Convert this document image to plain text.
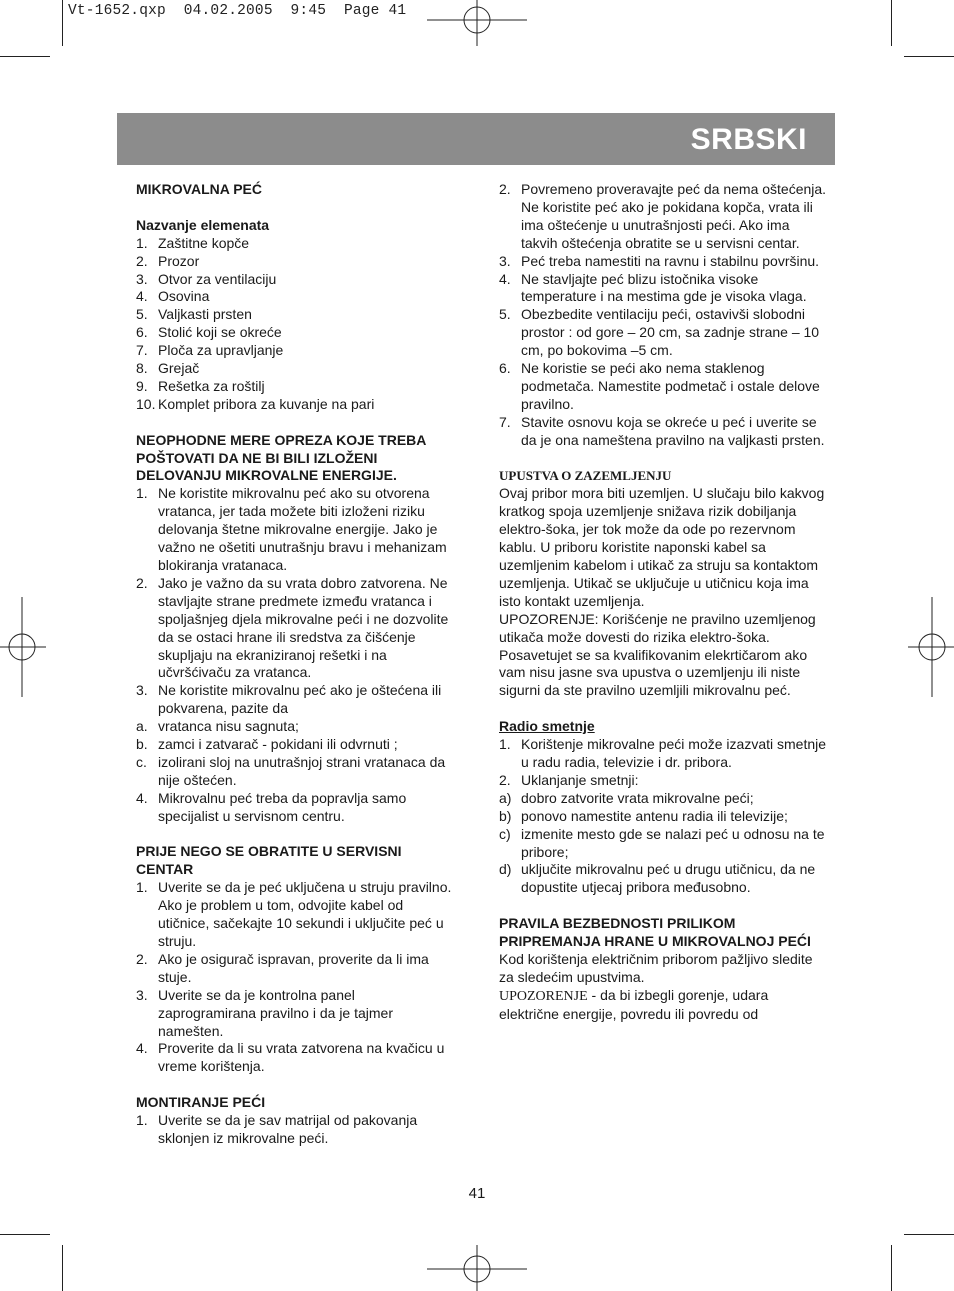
Vt-1652.qxp  04.02.2005  9:45  Page 41
SRBSKI

MIKROVALNA PEĆ

Nazvanje elemenata

1. Zaštitne kopče
2. Prozor
3. Otvor za ventilaciju
4. Osovina
5. Valjkasti prsten
6. Stolić koji se okreće
7. Ploča za upravljanje
8. Grejač
9. Rešetka za roštilj
10. Komplet pribora za kuvanje na pari

NEOPHODNE MERE OPREZA KOJE TREBA POŠTOVATI DA NE BI BILI IZLOŽENI DELOVANJU MIKROVALNE ENERGIJE.

1. Ne koristite mikrovalnu peć ako su otvorena vratanca, jer tada možete biti izloženi riziku delovanja štetne mikrovalne energije. Jako je važno ne ošetiti unutrašnju bravu i mehanizam blokiranja vratanaca.
2. Jako je važno da su vrata dobro zatvorena. Ne stavljajte strane predmete između vratanca i spoljašnjeg djela mikrovalne peći i ne dozvolite da se ostaci hrane ili sredstva za čišćenje skupljaju na ekraniziranoj rešetki i na učvršćivaču za vratanca.
3. Ne koristite mikrovalnu peć ako je oštećena ili pokvarena, pazite da
a. vratanca nisu sagnuta;
b. zamci i zatvarač - pokidani ili odvrnuti ;
c. izolirani sloj na unutrašnjoj strani vratanaca da nije oštećen.
4. Mikrovalnu peć treba da popravlja samo specijalist u servisnom centru.

PRIJE NEGO SE OBRATITE U SERVISNI CENTAR

1. Uverite se da je peć uključena u struju pravilno. Ako je problem u tom, odvojite kabel od utičnice, sačekajte 10 sekundi i uključite peć u struju.
2. Ako je osigurač ispravan, proverite da li ima stuje.
3. Uverite se da je kontrolna panel zaprogramirana pravilno i da je tajmer namešten.
4. Proverite da li su vrata zatvorena na kvačicu u vreme korištenja.

MONTIRANJE PEĆI

1. Uverite se da je sav matrijal od pakovanja sklonjen iz mikrovalne peći.
2. Povremeno proveravajte peć da nema oštećenja. Ne koristite peć ako je pokidana kopča, vrata ili ima oštećenje u unutrašnjosti peći. Ako ima takvih oštećenja obratite se u servisni centar.
3. Peć treba namestiti na ravnu i stabilnu površinu.
4. Ne stavljajte peć blizu istočnika visoke temperature i na mestima gde je visoka vlaga.
5. Obezbedite ventilaciju peći, ostavivši slobodni prostor : od gore – 20 cm, sa zadnje strane – 10 cm, po bokovima –5 cm.
6. Ne koristie se peći ako nema staklenog podmetača. Namestite podmetač i ostale delove pravilno.
7. Stavite osnovu koja se okreće u peć i uverite se da je ona nameštena pravilno na valjkasti prsten.

UPUSTVA O ZAZEMLJENJU

Ovaj pribor mora biti uzemljen. U slučaju bilo kakvog kratkog spoja uzemljenje snižava rizik dobiljanja elektro-šoka, jer tok može da ode po rezervnom kablu. U priboru koristite naponski kabel sa uzemljenim kabelom i utikač za struju sa kontaktom uzemljenja. Utikač se uključuje u utičnicu koja ima isto kontakt uzemljenja.

UPOZORENJE: Korišćenje ne pravilno uzemljenog utikača može dovesti do rizika elektro-šoka.

Posavetujet se sa kvalifikovanim elekrtičarom ako vam nisu jasne sva upustva o uzemljenju ili niste sigurni da ste pravilno uzemljili mikrovalnu peć.

Radio smetnje

1. Korištenje mikrovalne peći može izazvati smetnje u radu radia, televizie i dr. pribora.
2. Uklanjanje smetnji:
a) dobro zatvorite vrata mikrovalne peći;
b) ponovo namestite antenu radia ili televizije;
c) izmenite mesto gde se nalazi peć u odnosu na te pribore;
d) uključite mikrovalnu peć u drugu utičnicu, da ne dopustite utjecaj pribora međusobno.

PRAVILA BEZBEDNOSTI PRILIKOM PRIPREMANJA HRANE U MIKROVALNOJ PEĆI

Kod korištenja električnim priborom pažljivo sledite za sledećim upustvima.

UPOZORENJE - da bi izbegli gorenje, udara električne energije, povredu ili povredu od

41
